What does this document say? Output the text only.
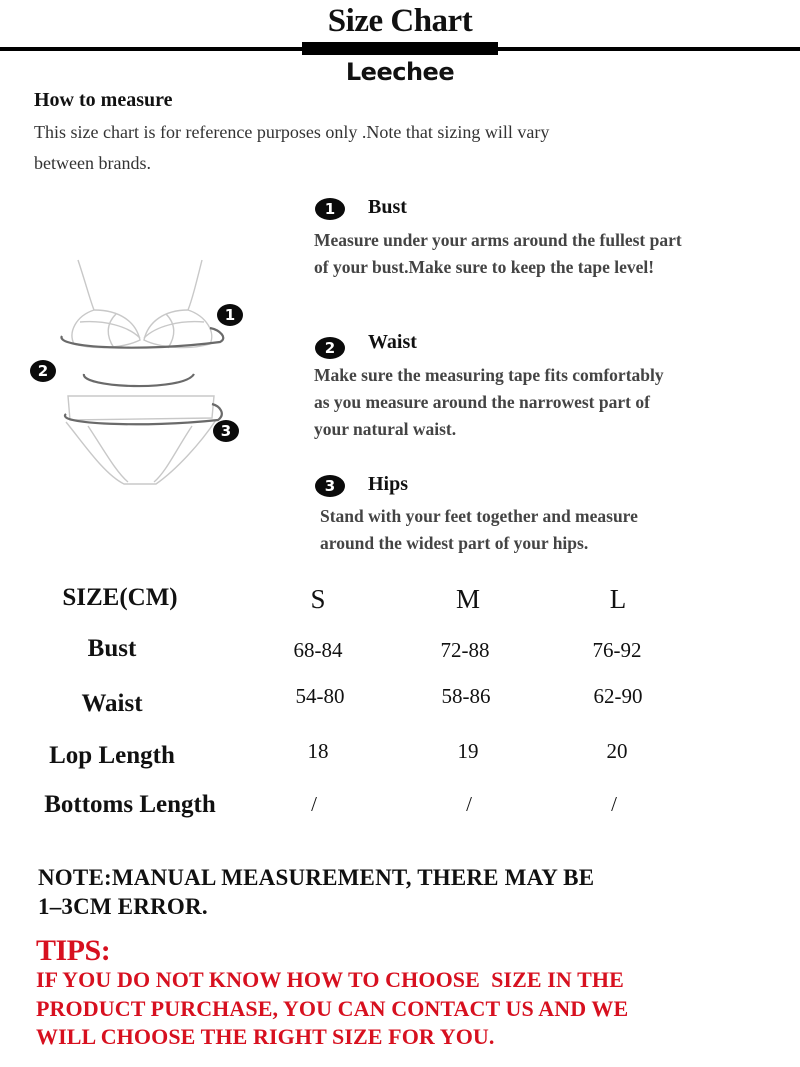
Size Chart
Leechee
How to measure
This size chart is for reference purposes only .Note that sizing will vary
between brands.
1
2
3
1	Bust
Measure under your arms around the fullest part
of your bust.Make sure to keep the tape level!
2	Waist
Make sure the measuring tape fits comfortably
as you measure around the narrowest part of
your natural waist.
3	Hips
Stand with your feet together and measure
around the widest part of your hips.
SIZE(CM)	S	M	L
Bust	68-84	72-88	76-92
Waist	54-80	58-86	62-90
Lop Length	18	19	20
Bottoms Length	/	/	/
NOTE:MANUAL MEASUREMENT, THERE MAY BE
1–3CM ERROR.
TIPS:
IF YOU DO NOT KNOW HOW TO CHOOSE  SIZE IN THE
PRODUCT PURCHASE, YOU CAN CONTACT US AND WE
WILL CHOOSE THE RIGHT SIZE FOR YOU.
